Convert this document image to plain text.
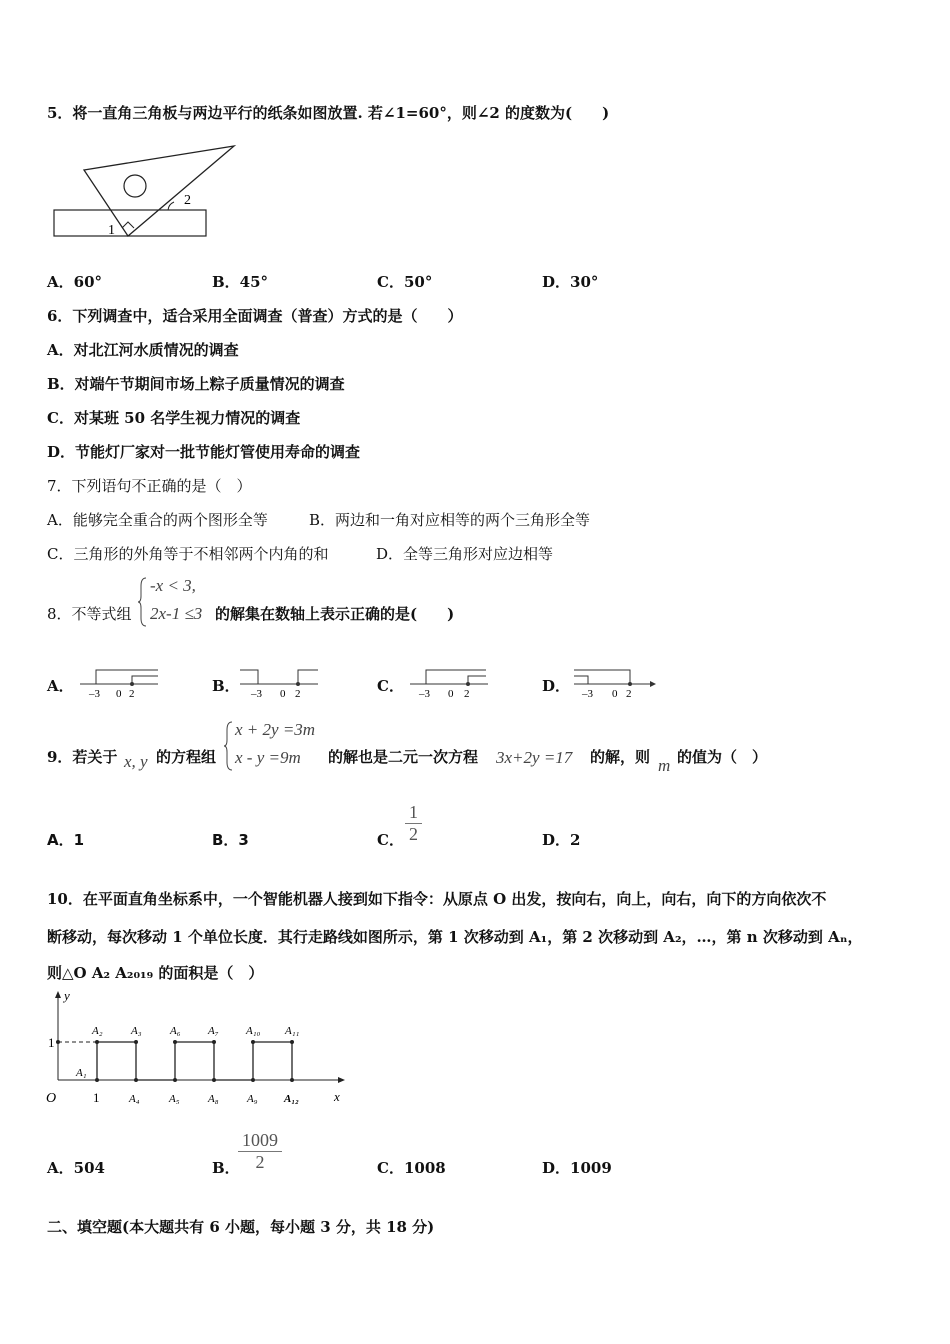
5．将一直角三角板与两边平行的纸条如图放置. 若∠1=60°，则∠2 的度数为(　　)
1
2
A．60°	B．45°	C．50°	D．30°
6．下列调查中，适合采用全面调查（普查）方式的是（　　）
A．对北江河水质情况的调查
B．对端午节期间市场上粽子质量情况的调查
C．对某班 50 名学生视力情况的调查
D．节能灯厂家对一批节能灯管使用寿命的调查
7．下列语句不正确的是（　）
A．能够完全重合的两个图形全等	B．两边和一角对应相等的两个三角形全等
C．三角形的外角等于不相邻两个内角的和	D．全等三角形对应边相等
8．不等式组
-x < 3,
2x-1 ≤3 的解集在数轴上表示正确的是(　　)
A．	B．	C．	D．
–3 0 2	–3 0 2	–3 0 2	–3 0 2
9．若关于 x, y 的方程组
x + 2y =3m
x - y =9m 的解也是二元一次方程 3x+2y =17 的解，则 m 的值为（　）
A．1	B．3	C． $\frac{1}{2}$	D．2
10．在平面直角坐标系中，一个智能机器人接到如下指令：从原点 O 出发，按向右，向上，向右，向下的方向依次不
断移动，每次移动 1 个单位长度．其行走路线如图所示，第 1 次移动到 A₁，第 2 次移动到 A₂，…，第 n 次移动到 Aₙ，
则△O A₂ A₂₀₁₉ 的面积是（　）
y
x
O
1
1
A₁
A₂	A₃	A₆ A₇ A₁₀ A₁₁
A₄	A₅	A₈	A₉ A₁₂
A．504	B．
$\frac{1009}{2}$	C．1008	D．1009
二、填空题(本大题共有 6 小题，每小题 3 分，共 18 分)
